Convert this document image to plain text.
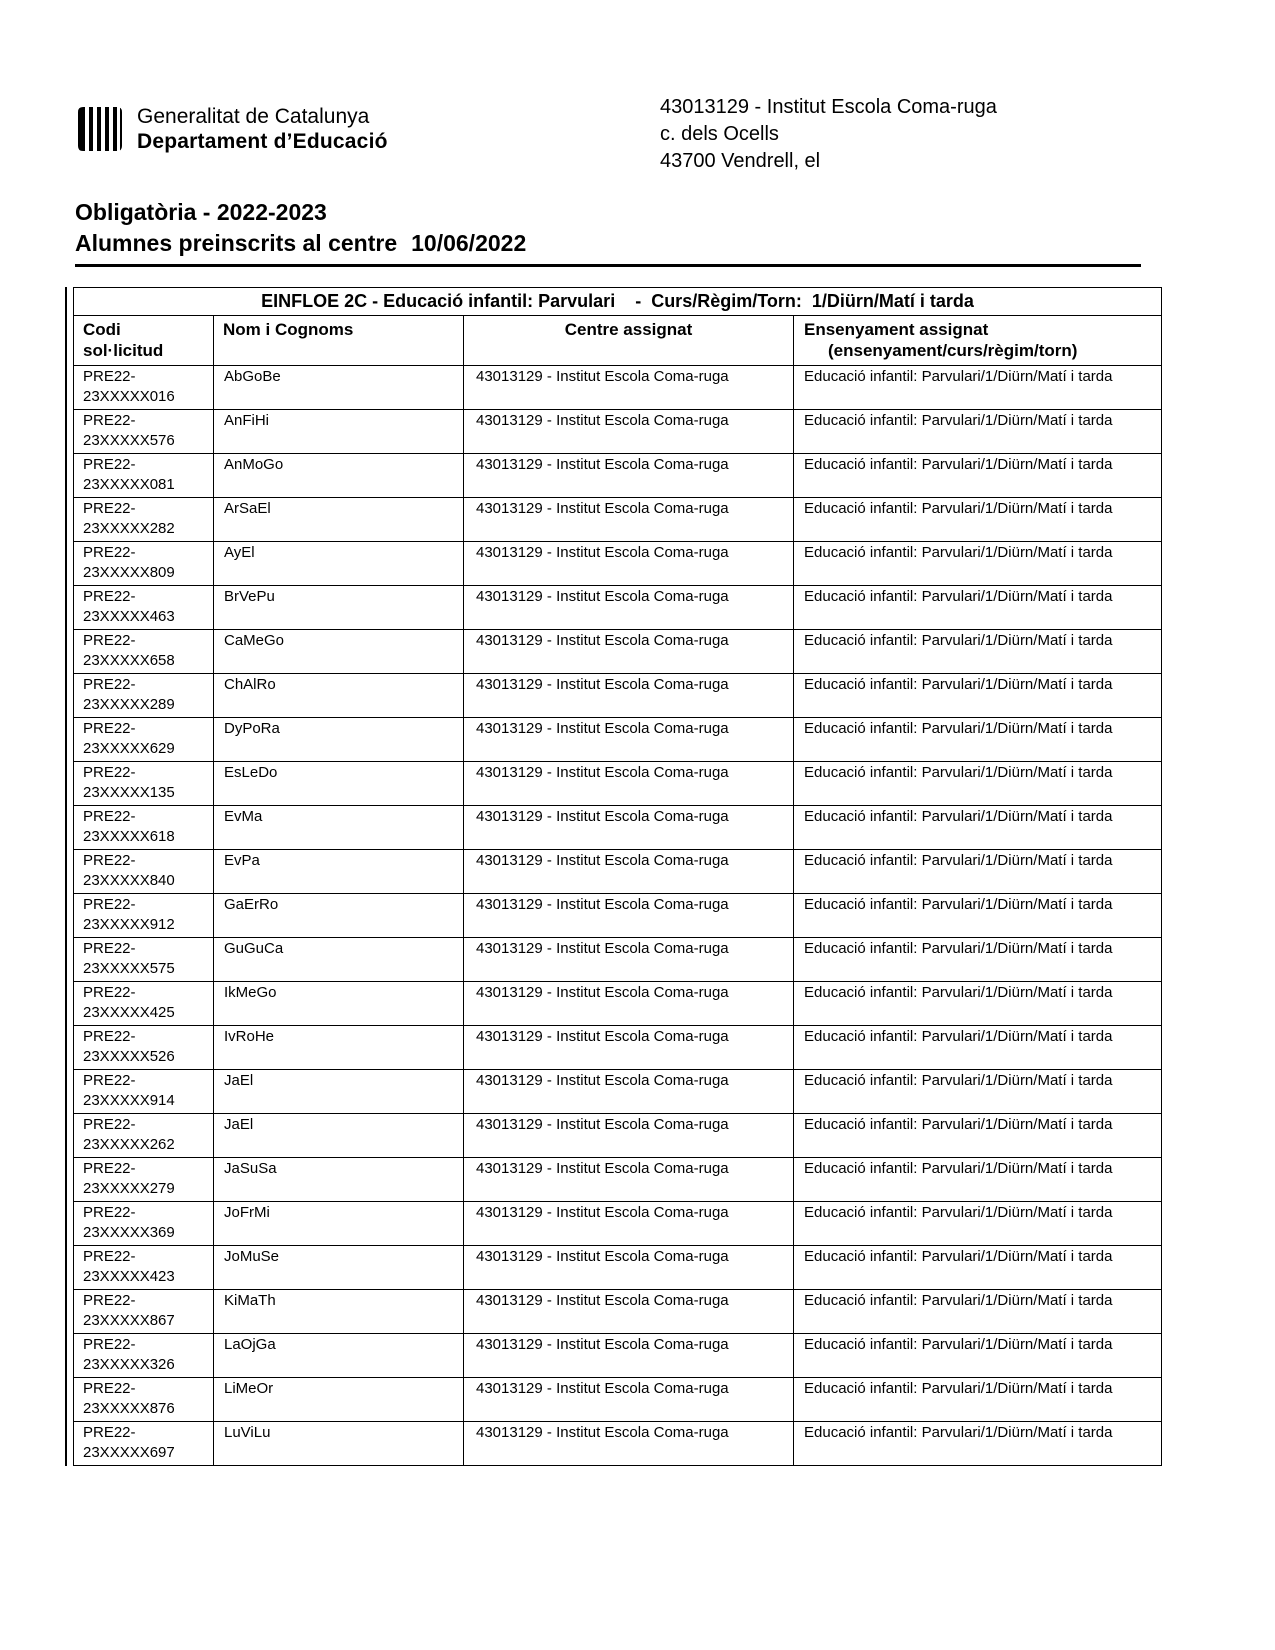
Generalitat de Catalunya
Departament d’Educació
43013129 - Institut Escola Coma-ruga
c. dels Ocells
43700 Vendrell, el
Obligatòria - 2022-2023
Alumnes preinscrits al centre 10/06/2022
EINFLOE 2C - Educació infantil: Parvulari    -  Curs/Règim/Torn:  1/Diürn/Matí i tarda			

Codi
sol·licitud	Nom i Cognoms	Centre assignat	Ensenyament assignat
(ensenyament/curs/règim/torn)

PRE22-
23XXXXX016	AbGoBe	43013129 - Institut Escola Coma-ruga	Educació infantil: Parvulari/1/Diürn/Matí i tarda
PRE22-
23XXXXX576	AnFiHi	43013129 - Institut Escola Coma-ruga	Educació infantil: Parvulari/1/Diürn/Matí i tarda
PRE22-
23XXXXX081	AnMoGo	43013129 - Institut Escola Coma-ruga	Educació infantil: Parvulari/1/Diürn/Matí i tarda
PRE22-
23XXXXX282	ArSaEl	43013129 - Institut Escola Coma-ruga	Educació infantil: Parvulari/1/Diürn/Matí i tarda
PRE22-
23XXXXX809	AyEl	43013129 - Institut Escola Coma-ruga	Educació infantil: Parvulari/1/Diürn/Matí i tarda
PRE22-
23XXXXX463	BrVePu	43013129 - Institut Escola Coma-ruga	Educació infantil: Parvulari/1/Diürn/Matí i tarda
PRE22-
23XXXXX658	CaMeGo	43013129 - Institut Escola Coma-ruga	Educació infantil: Parvulari/1/Diürn/Matí i tarda
PRE22-
23XXXXX289	ChAlRo	43013129 - Institut Escola Coma-ruga	Educació infantil: Parvulari/1/Diürn/Matí i tarda
PRE22-
23XXXXX629	DyPoRa	43013129 - Institut Escola Coma-ruga	Educació infantil: Parvulari/1/Diürn/Matí i tarda
PRE22-
23XXXXX135	EsLeDo	43013129 - Institut Escola Coma-ruga	Educació infantil: Parvulari/1/Diürn/Matí i tarda
PRE22-
23XXXXX618	EvMa	43013129 - Institut Escola Coma-ruga	Educació infantil: Parvulari/1/Diürn/Matí i tarda
PRE22-
23XXXXX840	EvPa	43013129 - Institut Escola Coma-ruga	Educació infantil: Parvulari/1/Diürn/Matí i tarda
PRE22-
23XXXXX912	GaErRo	43013129 - Institut Escola Coma-ruga	Educació infantil: Parvulari/1/Diürn/Matí i tarda
PRE22-
23XXXXX575	GuGuCa	43013129 - Institut Escola Coma-ruga	Educació infantil: Parvulari/1/Diürn/Matí i tarda
PRE22-
23XXXXX425	IkMeGo	43013129 - Institut Escola Coma-ruga	Educació infantil: Parvulari/1/Diürn/Matí i tarda
PRE22-
23XXXXX526	IvRoHe	43013129 - Institut Escola Coma-ruga	Educació infantil: Parvulari/1/Diürn/Matí i tarda
PRE22-
23XXXXX914	JaEl	43013129 - Institut Escola Coma-ruga	Educació infantil: Parvulari/1/Diürn/Matí i tarda
PRE22-
23XXXXX262	JaEl	43013129 - Institut Escola Coma-ruga	Educació infantil: Parvulari/1/Diürn/Matí i tarda
PRE22-
23XXXXX279	JaSuSa	43013129 - Institut Escola Coma-ruga	Educació infantil: Parvulari/1/Diürn/Matí i tarda
PRE22-
23XXXXX369	JoFrMi	43013129 - Institut Escola Coma-ruga	Educació infantil: Parvulari/1/Diürn/Matí i tarda
PRE22-
23XXXXX423	JoMuSe	43013129 - Institut Escola Coma-ruga	Educació infantil: Parvulari/1/Diürn/Matí i tarda
PRE22-
23XXXXX867	KiMaTh	43013129 - Institut Escola Coma-ruga	Educació infantil: Parvulari/1/Diürn/Matí i tarda
PRE22-
23XXXXX326	LaOjGa	43013129 - Institut Escola Coma-ruga	Educació infantil: Parvulari/1/Diürn/Matí i tarda
PRE22-
23XXXXX876	LiMeOr	43013129 - Institut Escola Coma-ruga	Educació infantil: Parvulari/1/Diürn/Matí i tarda
PRE22-
23XXXXX697	LuViLu	43013129 - Institut Escola Coma-ruga	Educació infantil: Parvulari/1/Diürn/Matí i tarda
